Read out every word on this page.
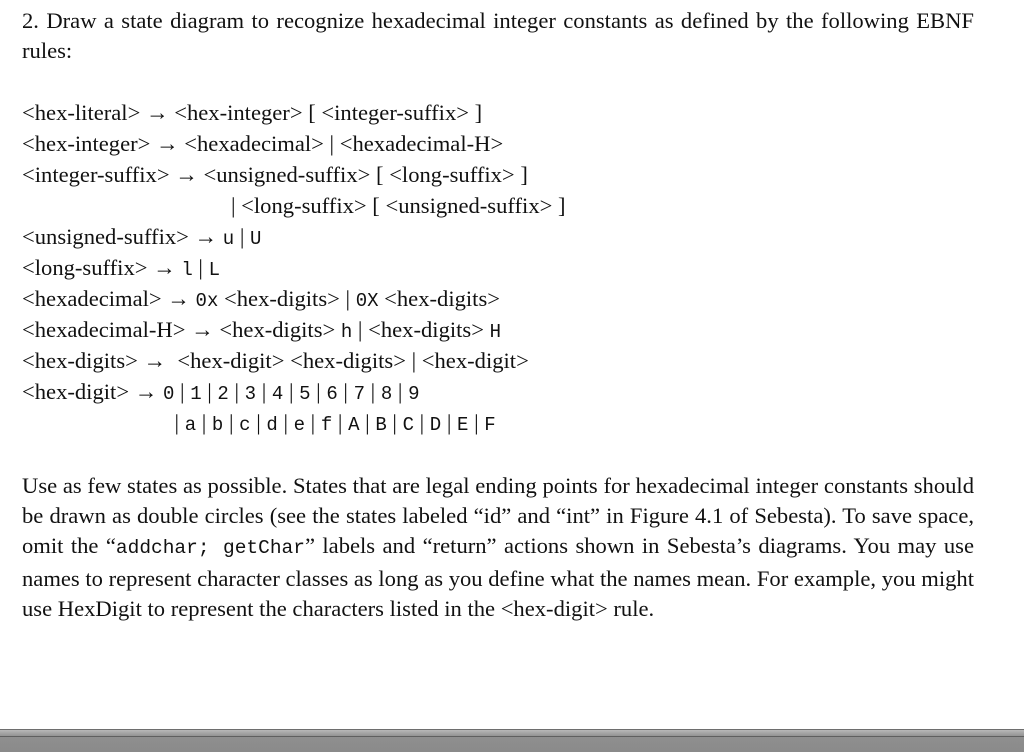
2. Draw a state diagram to recognize hexadecimal integer constants as defined by the following EBNF rules:

<hex-literal> → <hex-integer> [ <integer-suffix> ]
<hex-integer> → <hexadecimal> | <hexadecimal-H>
<integer-suffix> → <unsigned-suffix> [ <long-suffix> ]
| <long-suffix> [ <unsigned-suffix> ]
<unsigned-suffix> → u | U
<long-suffix> → l | L
<hexadecimal> → 0x <hex-digits> | 0X <hex-digits>
<hexadecimal-H> → <hex-digits> h | <hex-digits> H
<hex-digits> →  <hex-digit> <hex-digits> | <hex-digit>
<hex-digit> → 0 | 1 | 2 | 3 | 4 | 5 | 6 | 7 | 8 | 9
| a | b | c | d | e | f | A | B | C | D | E | F

Use as few states as possible. States that are legal ending points for hexadecimal integer constants should be drawn as double circles (see the states labeled “id” and “int” in Figure 4.1 of Sebesta). To save space, omit the “addchar; getChar” labels and “return” actions shown in Sebesta’s diagrams. You may use names to represent character classes as long as you define what the names mean. For example, you might use HexDigit to represent the characters listed in the <hex-digit> rule.
